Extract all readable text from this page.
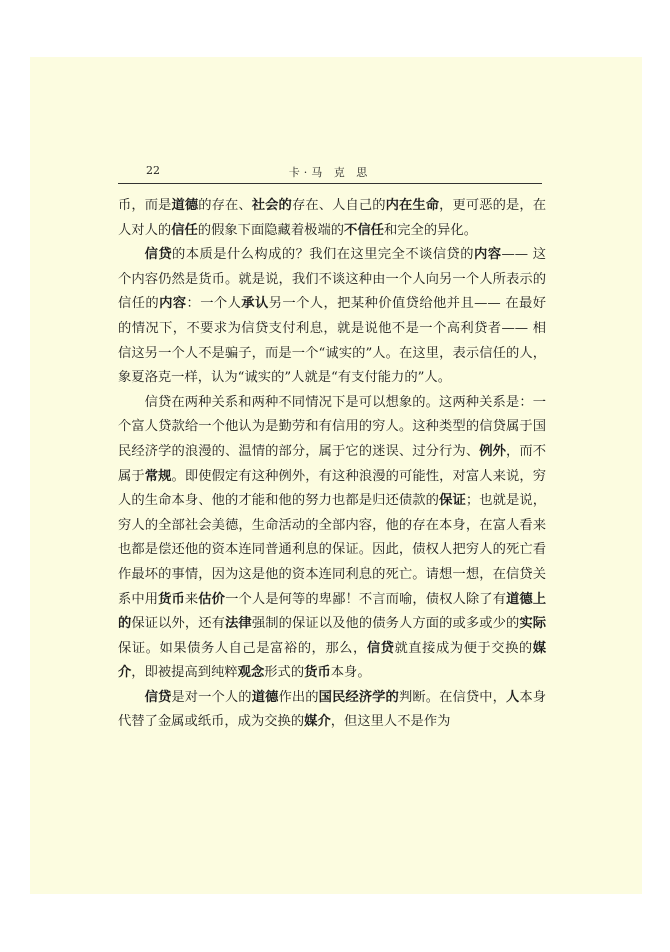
22	卡·马 克 思

币，而是道德的存在、社会的存在、人自己的内在生命，更可恶的是，在人对人的信任的假象下面隐藏着极端的不信任和完全的异化。

信贷的本质是什么构成的？我们在这里完全不谈信贷的内容—— 这个内容仍然是货币。就是说，我们不谈这种由一个人向另一个人所表示的信任的内容：一个人承认另一个人，把某种价值贷给他并且—— 在最好的情况下，不要求为信贷支付利息，就是说他不是一个高利贷者—— 相信这另一个人不是骗子，而是一个“诚实的”人。在这里，表示信任的人，象夏洛克一样，认为“诚实的”人就是“有支付能力的”人。

信贷在两种关系和两种不同情况下是可以想象的。这两种关系是：一个富人贷款给一个他认为是勤劳和有信用的穷人。这种类型的信贷属于国民经济学的浪漫的、温情的部分，属于它的迷误、过分行为、例外，而不属于常规。即使假定有这种例外，有这种浪漫的可能性，对富人来说，穷人的生命本身、他的才能和他的努力也都是归还债款的保证；也就是说，穷人的全部社会美德，生命活动的全部内容，他的存在本身，在富人看来也都是偿还他的资本连同普通利息的保证。因此，债权人把穷人的死亡看作最坏的事情，因为这是他的资本连同利息的死亡。请想一想，在信贷关系中用货币来估价一个人是何等的卑鄙！不言而喻，债权人除了有道德上的保证以外，还有法律强制的保证以及他的债务人方面的或多或少的实际保证。如果债务人自己是富裕的，那么，信贷就直接成为便于交换的媒介，即被提高到纯粹观念形式的货币本身。

信贷是对一个人的道德作出的国民经济学的判断。在信贷中，人本身代替了金属或纸币，成为交换的媒介，但这里人不是作为
